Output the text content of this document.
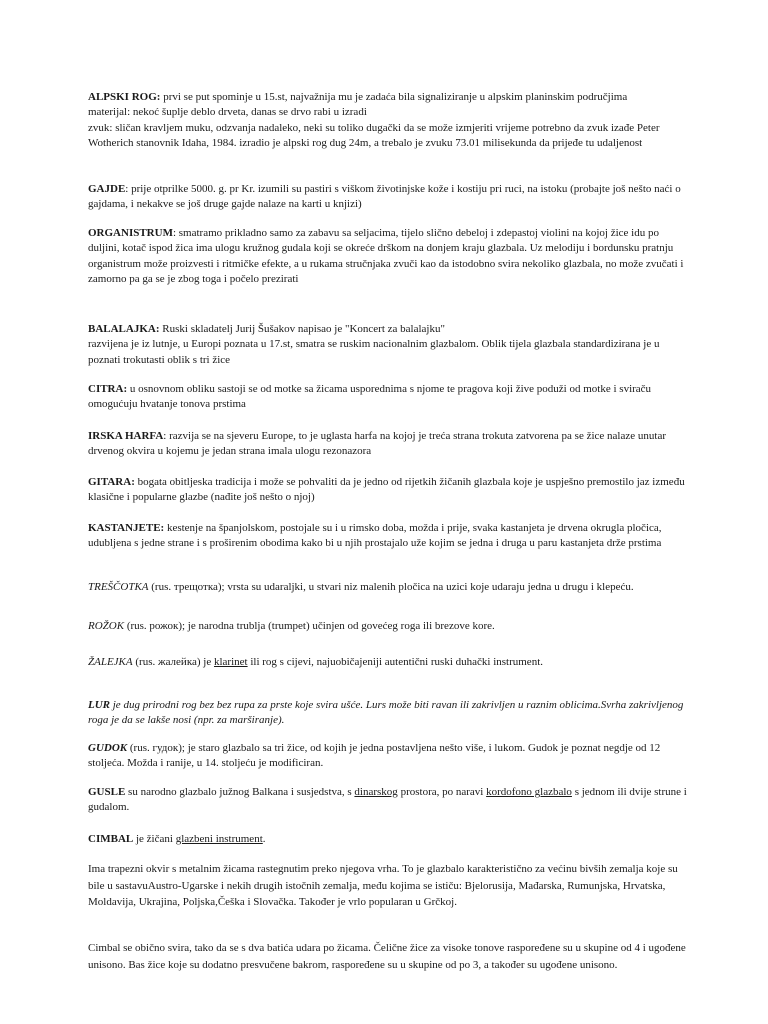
ALPSKI ROG: prvi se put spominje u 15.st, najvažnija mu je zadaća bila signaliziranje u alpskim planinskim područjima
materijal: nekoć šuplje deblo drveta, danas se drvo rabi u izradi
zvuk: sličan kravljem muku, odzvanja nadaleko, neki su toliko dugački da se može izmjeriti vrijeme potrebno da zvuk izađe Peter Wotherich stanovnik Idaha, 1984. izradio je alpski rog dug 24m, a trebalo je zvuku 73.01 milisekunda da prijeđe tu udaljenost

GAJDE: prije otprilke 5000. g. pr Kr. izumili su pastiri s viškom životinjske kože i kostiju pri ruci, na istoku (probajte još nešto naći o gajdama, i nekakve se još druge gajde nalaze na karti u knjizi)

ORGANISTRUM: smatramo prikladno samo za zabavu sa seljacima, tijelo slično debeloj i zdepastoj violini na kojoj žice idu po duljini, kotač ispod žica ima ulogu kružnog gudala koji se okreće drškom na donjem kraju glazbala. Uz melodiju i bordunsku pratnju organistrum može proizvesti i ritmičke efekte, a u rukama stručnjaka zvuči kao da istodobno svira nekoliko glazbala, no može zvučati i zamorno pa ga se je zbog toga i počelo prezirati

BALALAJKA: Ruski skladatelj Jurij Šušakov napisao je "Koncert za balalajku"
razvijena je iz lutnje, u Europi poznata u 17.st, smatra se ruskim nacionalnim glazbalom. Oblik tijela glazbala standardizirana je u poznati trokutasti oblik s tri žice

CITRA: u osnovnom obliku sastoji se od motke sa žicama usporednima s njome te pragova koji žive poduži od motke i sviraču omogućuju hvatanje tonova prstima

IRSKA HARFA: razvija se na sjeveru Europe, to je uglasta harfa na kojoj je treća strana trokuta zatvorena pa se žice nalaze unutar drvenog okvira u kojemu je jedan strana imala ulogu rezonazora

GITARA: bogata obitljeska tradicija i može se pohvaliti da je jedno od rijetkih žičanih glazbala koje je uspješno premostilo jaz između klasične i popularne glazbe (nađite još nešto o njoj)

KASTANJETE: kestenje na španjolskom, postojale su i u rimsko doba, možda i prije, svaka kastanjeta je drvena okrugla pločica, udubljena s jedne strane i s proširenim obodima kako bi u njih prostajalo uže kojim se jedna i druga u paru kastanjeta drže prstima

TREŠČOTKA (rus. трещотка); vrsta su udaraljki, u stvari niz malenih pločica na uzici koje udaraju jedna u drugu i klepeću.

ROŽOK (rus. рожок); je narodna trublja (trumpet) učinjen od govećeg roga ili brezove kore.

ŽALEJKA (rus. жалейка) je klarinet ili rog s cijevi, najuobičajeniji autentični ruski duhački instrument.

LUR je dug prirodni rog bez bez rupa za prste koje svira ušće. Lurs može biti ravan ili zakrivljen u raznim oblicima.Svrha zakrivljenog roga je da se lakše nosi (npr. za marširanje).

GUDOK (rus. гудок); je staro glazbalo sa tri žice, od kojih je jedna postavljena nešto više, i lukom. Gudok je poznat negdje od 12 stoljeća. Možda i ranije, u 14. stoljeću je modificiran.

GUSLE su narodno glazbalo južnog Balkana i susjedstva, s dinarskog prostora, po naravi kordofono glazbalo s jednom ili dvije strune i gudalom.

CIMBAL je žičani glazbeni instrument.

Ima trapezni okvir s metalnim žicama rastegnutim preko njegova vrha. To je glazbalo karakteristično za većinu bivših zemalja koje su bile u sastavuAustro-Ugarske i nekih drugih istočnih zemalja, među kojima se ističu: Bjelorusija, Mađarska, Rumunjska, Hrvatska, Moldavija, Ukrajina, Poljska,Češka i Slovačka. Također je vrlo popularan u Grčkoj.

Cimbal se obično svira, tako da se s dva batića udara po žicama. Čelične žice za visoke tonove raspoređene su u skupine od 4 i ugođene unisono. Bas žice koje su dodatno presvučene bakrom, raspoređene su u skupine od po 3, a također su ugođene unisono.
